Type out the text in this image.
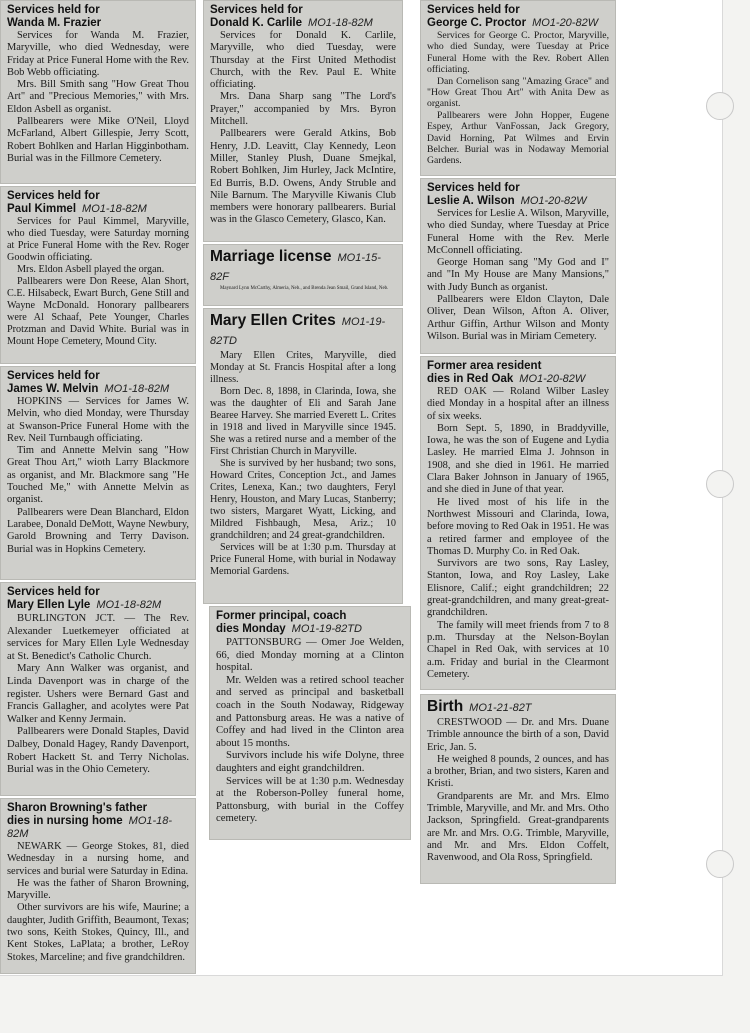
Services held for
Wanda M. Frazier

Services for Wanda M. Frazier, Maryville, who died Wednesday, were Friday at Price Funeral Home with the Rev. Bob Webb officiating.

Mrs. Bill Smith sang "How Great Thou Art" and "Precious Memories," with Mrs. Eldon Asbell as organist.

Pallbearers were Mike O'Neil, Lloyd McFarland, Albert Gillespie, Jerry Scott, Robert Bohlken and Harlan Higginbotham. Burial was in the Fillmore Cemetery.

Services held for
Paul Kimmel MO1-18-82M

Services for Paul Kimmel, Maryville, who died Tuesday, were Saturday morning at Price Funeral Home with the Rev. Roger Goodwin officiating.

Mrs. Eldon Asbell played the organ.

Pallbearers were Don Reese, Alan Short, C.E. Hilsabeck, Ewart Burch, Gene Still and Wayne McDonald. Honorary pallbearers were Al Schaaf, Pete Younger, Charles Protzman and David White. Burial was in Mount Hope Cemetery, Mound City.

Services held for
James W. Melvin MO1-18-82M

HOPKINS — Services for James W. Melvin, who died Monday, were Thursday at Swanson-Price Funeral Home with the Rev. Neil Turnbaugh officiating.

Tim and Annette Melvin sang "How Great Thou Art," wioth Larry Blackmore as organist, and Mr. Blackmore sang "He Touched Me," with Annette Melvin as organist.

Pallbearers were Dean Blanchard, Eldon Larabee, Donald DeMott, Wayne Newbury, Garold Browning and Terry Davison. Burial was in Hopkins Cemetery.

Services held for
Mary Ellen Lyle MO1-18-82M

BURLINGTON JCT. — The Rev. Alexander Luetkemeyer officiated at services for Mary Ellen Lyle Wednesday at St. Benedict's Catholic Church.

Mary Ann Walker was organist, and Linda Davenport was in charge of the register. Ushers were Bernard Gast and Francis Gallagher, and acolytes were Pat Walker and Kenny Jermain.

Pallbearers were Donald Staples, David Dalbey, Donald Hagey, Randy Davenport, Robert Hackett St. and Terry Nicholas. Burial was in the Ohio Cemetery.

Sharon Browning's father
dies in nursing home MO1-18-82M

NEWARK — George Stokes, 81, died Wednesday in a nursing home, and services and burial were Saturday in Edina.

He was the father of Sharon Browning, Maryville.

Other survivors are his wife, Maurine; a daughter, Judith Griffith, Beaumont, Texas; two sons, Keith Stokes, Quincy, Ill., and Kent Stokes, LaPlata; a brother, LeRoy Stokes, Marceline; and five grandchildren.

Services held for
Donald K. Carlile MO1-18-82M

Services for Donald K. Carlile, Maryville, who died Tuesday, were Thursday at the First United Methodist Church, with the Rev. Paul E. White officiating.

Mrs. Dana Sharp sang "The Lord's Prayer," accompanied by Mrs. Byron Mitchell.

Pallbearers were Gerald Atkins, Bob Henry, J.D. Leavitt, Clay Kennedy, Leon Miller, Stanley Plush, Duane Smejkal, Robert Bohlken, Jim Hurley, Jack McIntire, Ed Burris, B.D. Owens, Andy Struble and Nile Barnum. The Maryville Kiwanis Club members were honorary pallbearers. Burial was in the Glasco Cemetery, Glasco, Kan.

Marriage license MO1-15-82F

Maynard Lynn McCarthy, Almeria, Neb., and Brenda Jean Smail, Grand Island, Neb.

Mary Ellen Crites MO1-19-82TD

Mary Ellen Crites, Maryville, died Monday at St. Francis Hospital after a long illness.

Born Dec. 8, 1898, in Clarinda, Iowa, she was the daughter of Eli and Sarah Jane Bearee Harvey. She married Everett L. Crites in 1918 and lived in Maryville since 1945. She was a retired nurse and a member of the First Christian Church in Maryville.

She is survived by her husband; two sons, Howard Crites, Conception Jct., and James Crites, Lenexa, Kan.; two daughters, Feryl Henry, Houston, and Mary Lucas, Stanberry; two sisters, Margaret Wyatt, Licking, and Mildred Fishbaugh, Mesa, Ariz.; 10 grandchildren; and 24 great-grandchildren.

Services will be at 1:30 p.m. Thursday at Price Funeral Home, with burial in Nodaway Memorial Gardens.

Former principal, coach
dies Monday MO1-19-82TD

PATTONSBURG — Omer Joe Welden, 66, died Monday morning at a Clinton hospital.

Mr. Welden was a retired school teacher and served as principal and basketball coach in the South Nodaway, Ridgeway and Pattonsburg areas. He was a native of Coffey and had lived in the Clinton area about 15 months.

Survivors include his wife Dolyne, three daughters and eight grandchildren.

Services will be at 1:30 p.m. Wednesday at the Roberson-Polley funeral home, Pattonsburg, with burial in the Coffey cemetery.

Services held for
George C. Proctor MO1-20-82W

Services for George C. Proctor, Maryville, who died Sunday, were Tuesday at Price Funeral Home with the Rev. Robert Allen officiating.

Dan Cornelison sang "Amazing Grace" and "How Great Thou Art" with Anita Dew as organist.

Pallbearers were John Hopper, Eugene Espey, Arthur VanFossan, Jack Gregory, David Horning, Pat Wilmes and Ervin Belcher. Burial was in Nodaway Memorial Gardens.

Services held for
Leslie A. Wilson MO1-20-82W

Services for Leslie A. Wilson, Maryville, who died Sunday, where Tuesday at Price Funeral Home with the Rev. Merle McConnell officiating.

George Homan sang "My God and I" and "In My House are Many Mansions," with Judy Bunch as organist.

Pallbearers were Eldon Clayton, Dale Oliver, Dean Wilson, Afton A. Oliver, Arthur Giffin, Arthur Wilson and Monty Wilson. Burial was in Miriam Cemetery.

Former area resident
dies in Red Oak MO1-20-82W

RED OAK — Roland Wilber Lasley died Monday in a hospital after an illness of six weeks.

Born Sept. 5, 1890, in Braddyville, Iowa, he was the son of Eugene and Lydia Lasley. He married Elma J. Johnson in 1908, and she died in 1961. He married Clara Baker Johnson in January of 1965, and she died in June of that year.

He lived most of his life in the Northwest Missouri and Clarinda, Iowa, before moving to Red Oak in 1951. He was a retired farmer and employee of the Thomas D. Murphy Co. in Red Oak.

Survivors are two sons, Ray Lasley, Stanton, Iowa, and Roy Lasley, Lake Elisnore, Calif.; eight grandchildren; 22 great-grandchildren, and many great-great-grandchildren.

The family will meet friends from 7 to 8 p.m. Thursday at the Nelson-Boylan Chapel in Red Oak, with services at 10 a.m. Friday and burial in the Clearmont Cemetery.

Birth MO1-21-82T

CRESTWOOD — Dr. and Mrs. Duane Trimble announce the birth of a son, David Eric, Jan. 5.

He weighed 8 pounds, 2 ounces, and has a brother, Brian, and two sisters, Karen and Kristi.

Grandparents are Mr. and Mrs. Elmo Trimble, Maryville, and Mr. and Mrs. Otho Jackson, Springfield. Great-grandparents are Mr. and Mrs. O.G. Trimble, Maryville, and Mr. and Mrs. Eldon Coffelt, Ravenwood, and Ola Ross, Springfield.
